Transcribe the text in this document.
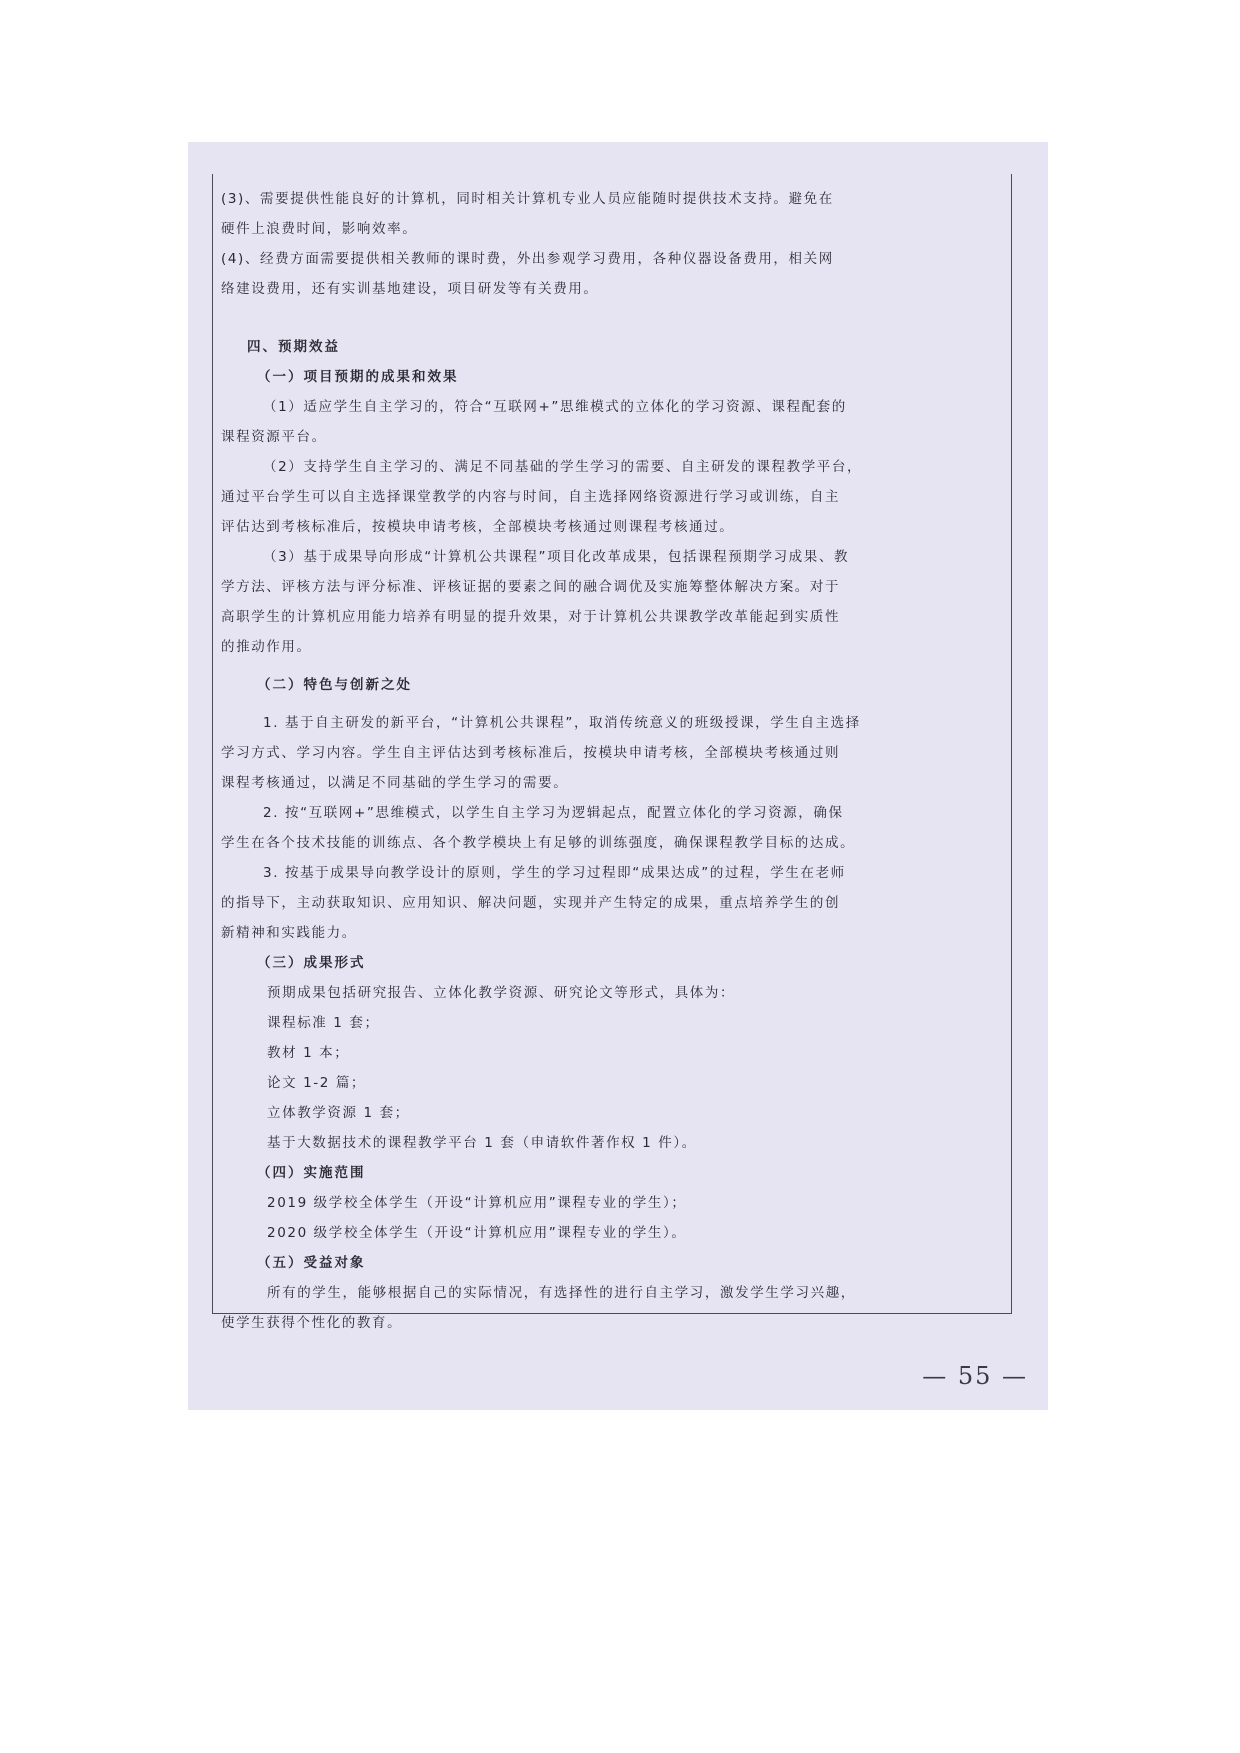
(3)、需要提供性能良好的计算机，同时相关计算机专业人员应能随时提供技术支持。避免在
硬件上浪费时间，影响效率。
(4)、经费方面需要提供相关教师的课时费，外出参观学习费用，各种仪器设备费用，相关网
络建设费用，还有实训基地建设，项目研发等有关费用。
四、预期效益
（一）项目预期的成果和效果
（1）适应学生自主学习的，符合“互联网+”思维模式的立体化的学习资源、课程配套的
课程资源平台。
（2）支持学生自主学习的、满足不同基础的学生学习的需要、自主研发的课程教学平台，
通过平台学生可以自主选择课堂教学的内容与时间，自主选择网络资源进行学习或训练，自主
评估达到考核标准后，按模块申请考核，全部模块考核通过则课程考核通过。
（3）基于成果导向形成“计算机公共课程”项目化改革成果，包括课程预期学习成果、教
学方法、评核方法与评分标准、评核证据的要素之间的融合调优及实施筹整体解决方案。对于
高职学生的计算机应用能力培养有明显的提升效果，对于计算机公共课教学改革能起到实质性
的推动作用。
（二）特色与创新之处
1. 基于自主研发的新平台，“计算机公共课程”，取消传统意义的班级授课，学生自主选择
学习方式、学习内容。学生自主评估达到考核标准后，按模块申请考核，全部模块考核通过则
课程考核通过，以满足不同基础的学生学习的需要。
2. 按“互联网+”思维模式，以学生自主学习为逻辑起点，配置立体化的学习资源，确保
学生在各个技术技能的训练点、各个教学模块上有足够的训练强度，确保课程教学目标的达成。
3. 按基于成果导向教学设计的原则，学生的学习过程即“成果达成”的过程，学生在老师
的指导下，主动获取知识、应用知识、解决问题，实现并产生特定的成果，重点培养学生的创
新精神和实践能力。
（三）成果形式
预期成果包括研究报告、立体化教学资源、研究论文等形式，具体为：
课程标准 1 套；
教材 1 本；
论文 1-2 篇；
立体教学资源 1 套；
基于大数据技术的课程教学平台 1 套（申请软件著作权 1 件）。
（四）实施范围
2019 级学校全体学生（开设“计算机应用”课程专业的学生）；
2020 级学校全体学生（开设“计算机应用”课程专业的学生）。
（五）受益对象
所有的学生，能够根据自己的实际情况，有选择性的进行自主学习，激发学生学习兴趣，
使学生获得个性化的教育。
— 55 —
